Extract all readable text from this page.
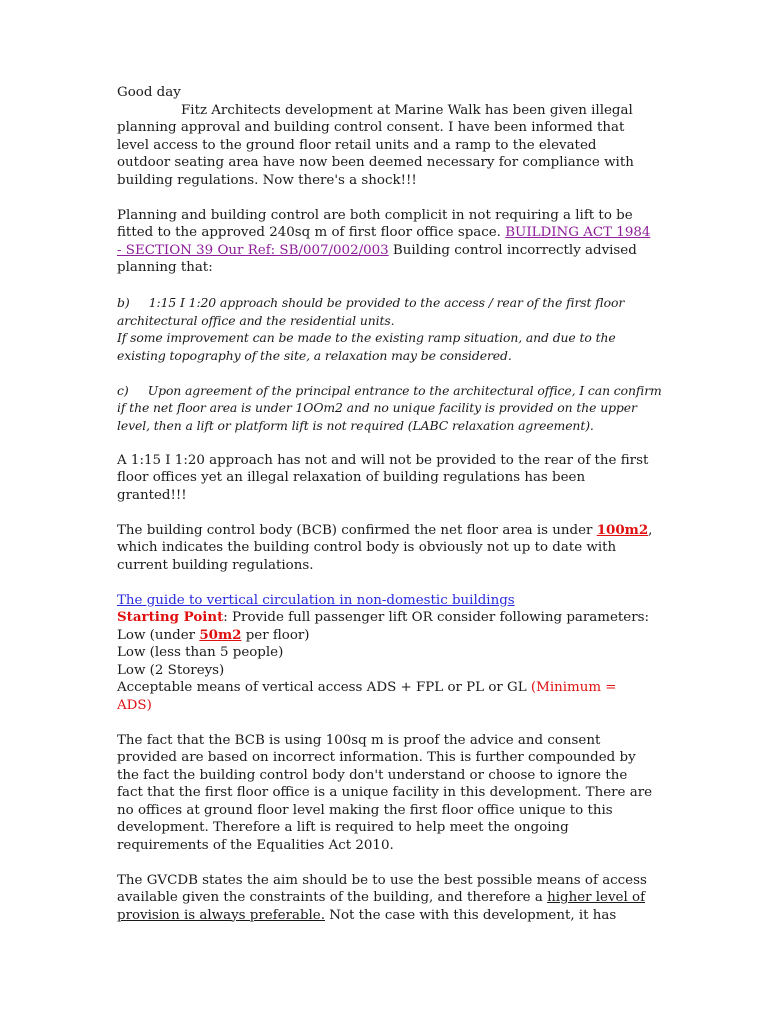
Good day

Fitz Architects development at Marine Walk has been given illegal

planning approval and building control consent. I have been informed that

level access to the ground floor retail units and a ramp to the elevated

outdoor seating area have now been deemed necessary for compliance with

building regulations. Now there's a shock!!!

Planning and building control are both complicit in not requiring a lift to be

fitted to the approved 240sq m of first floor office space. BUILDING ACT 1984

- SECTION 39 Our Ref: SB/007/002/003 Building control incorrectly advised

planning that:

b)     1:15 I 1:20 approach should be provided to the access / rear of the first floor

architectural office and the residential units.

If some improvement can be made to the existing ramp situation, and due to the

existing topography of the site, a relaxation may be considered.

c)     Upon agreement of the principal entrance to the architectural office, I can confirm

if the net floor area is under 1OOm2 and no unique facility is provided on the upper

level, then a lift or platform lift is not required (LABC relaxation agreement).

A 1:15 I 1:20 approach has not and will not be provided to the rear of the first

floor offices yet an illegal relaxation of building regulations has been

granted!!!

The building control body (BCB) confirmed the net floor area is under 100m2,

which indicates the building control body is obviously not up to date with

current building regulations.

The guide to vertical circulation in non-domestic buildings

Starting Point: Provide full passenger lift OR consider following parameters:

Low (under 50m2 per floor)

Low (less than 5 people)

Low (2 Storeys)

Acceptable means of vertical access ADS + FPL or PL or GL (Minimum =

ADS)

The fact that the BCB is using 100sq m is proof the advice and consent

provided are based on incorrect information. This is further compounded by

the fact the building control body don't understand or choose to ignore the

fact that the first floor office is a unique facility in this development. There are

no offices at ground floor level making the first floor office unique to this

development. Therefore a lift is required to help meet the ongoing

requirements of the Equalities Act 2010.

The GVCDB states the aim should be to use the best possible means of access

available given the constraints of the building, and therefore a higher level of

provision is always preferable. Not the case with this development, it has
